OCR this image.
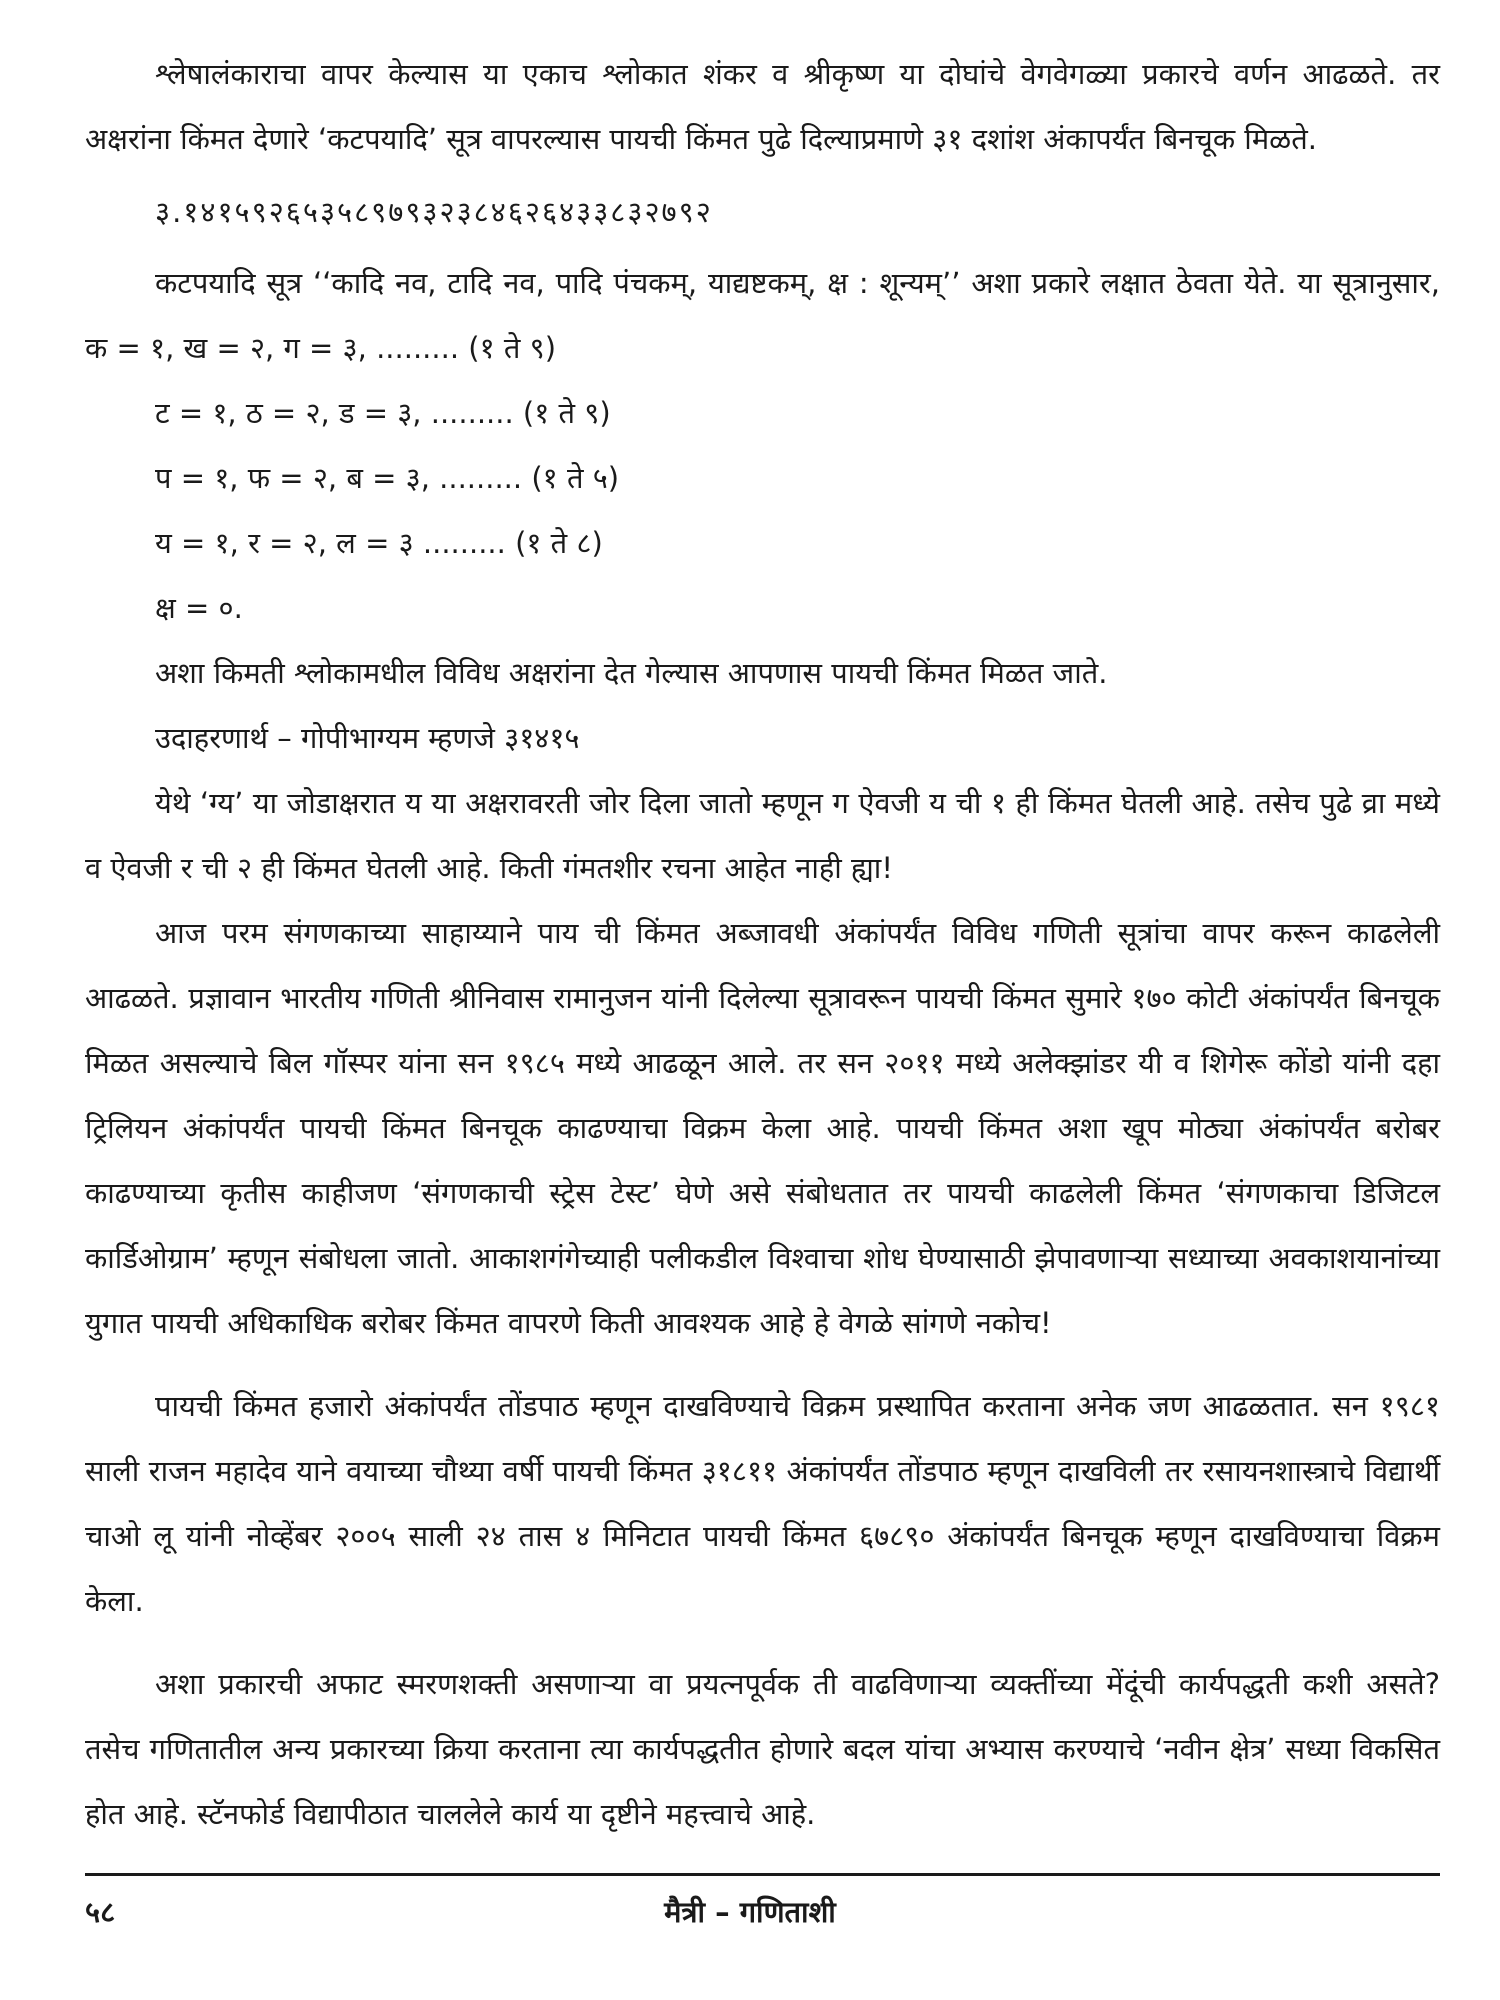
श्लेषालंकाराचा वापर केल्यास या एकाच श्लोकात शंकर व श्रीकृष्ण या दोघांचे वेगवेगळ्या प्रकारचे वर्णन आढळते. तर अक्षरांना किंमत देणारे ‘कटपयादि’ सूत्र वापरल्यास पायची किंमत पुढे दिल्याप्रमाणे ३१ दशांश अंकापर्यंत बिनचूक मिळते.

३.१४१५९२६५३५८९७९३२३८४६२६४३३८३२७९२

कटपयादि सूत्र ‘‘कादि नव, टादि नव, पादि पंचकम्, याद्यष्टकम्, क्ष : शून्यम्’’ अशा प्रकारे लक्षात ठेवता येते. या सूत्रानुसार, क = १, ख = २, ग = ३, ......... (१ ते ९)

ट = १, ठ = २, ड = ३, ......... (१ ते ९)

प = १, फ = २, ब = ३, ......... (१ ते ५)

य = १, र = २, ल = ३ ......... (१ ते ८)

क्ष = ०.

अशा किमती श्लोकामधील विविध अक्षरांना देत गेल्यास आपणास पायची किंमत मिळत जाते.

उदाहरणार्थ – गोपीभाग्यम म्हणजे ३१४१५

येथे ‘ग्य’ या जोडाक्षरात य या अक्षरावरती जोर दिला जातो म्हणून ग ऐवजी य ची १ ही किंमत घेतली आहे. तसेच पुढे व्रा मध्ये व ऐवजी र ची २ ही किंमत घेतली आहे. किती गंमतशीर रचना आहेत नाही ह्या!

आज परम संगणकाच्या साहाय्याने पाय ची किंमत अब्जावधी अंकांपर्यंत विविध गणिती सूत्रांचा वापर करून काढलेली आढळते. प्रज्ञावान भारतीय गणिती श्रीनिवास रामानुजन यांनी दिलेल्या सूत्रावरून पायची किंमत सुमारे १७० कोटी अंकांपर्यंत बिनचूक मिळत असल्याचे बिल गॉस्पर यांना सन १९८५ मध्ये आढळून आले. तर सन २०११ मध्ये अलेक्झांडर यी व शिगेरू कोंडो यांनी दहा ट्रिलियन अंकांपर्यंत पायची किंमत बिनचूक काढण्याचा विक्रम केला आहे. पायची किंमत अशा खूप मोठ्या अंकांपर्यंत बरोबर काढण्याच्या कृतीस काहीजण ‘संगणकाची स्ट्रेस टेस्ट’ घेणे असे संबोधतात तर पायची काढलेली किंमत ‘संगणकाचा डिजिटल कार्डिओग्राम’ म्हणून संबोधला जातो. आकाशगंगेच्याही पलीकडील विश्वाचा शोध घेण्यासाठी झेपावणाऱ्या सध्याच्या अवकाशयानांच्या युगात पायची अधिकाधिक बरोबर किंमत वापरणे किती आवश्यक आहे हे वेगळे सांगणे नकोच!

पायची किंमत हजारो अंकांपर्यंत तोंडपाठ म्हणून दाखविण्याचे विक्रम प्रस्थापित करताना अनेक जण आढळतात. सन १९८१ साली राजन महादेव याने वयाच्या चौथ्या वर्षी पायची किंमत ३१८११ अंकांपर्यंत तोंडपाठ म्हणून दाखविली तर रसायनशास्त्राचे विद्यार्थी चाओ लू यांनी नोव्हेंबर २००५ साली २४ तास ४ मिनिटात पायची किंमत ६७८९० अंकांपर्यंत बिनचूक म्हणून दाखविण्याचा विक्रम केला.

अशा प्रकारची अफाट स्मरणशक्ती असणाऱ्या वा प्रयत्नपूर्वक ती वाढविणाऱ्या व्यक्तींच्या मेंदूंची कार्यपद्धती कशी असते? तसेच गणितातील अन्य प्रकारच्या क्रिया करताना त्या कार्यपद्धतीत होणारे बदल यांचा अभ्यास करण्याचे ‘नवीन क्षेत्र’ सध्या विकसित होत आहे. स्टॅनफोर्ड विद्यापीठात चाललेले कार्य या दृष्टीने महत्त्वाचे आहे.

५८	मैत्री – गणिताशी
